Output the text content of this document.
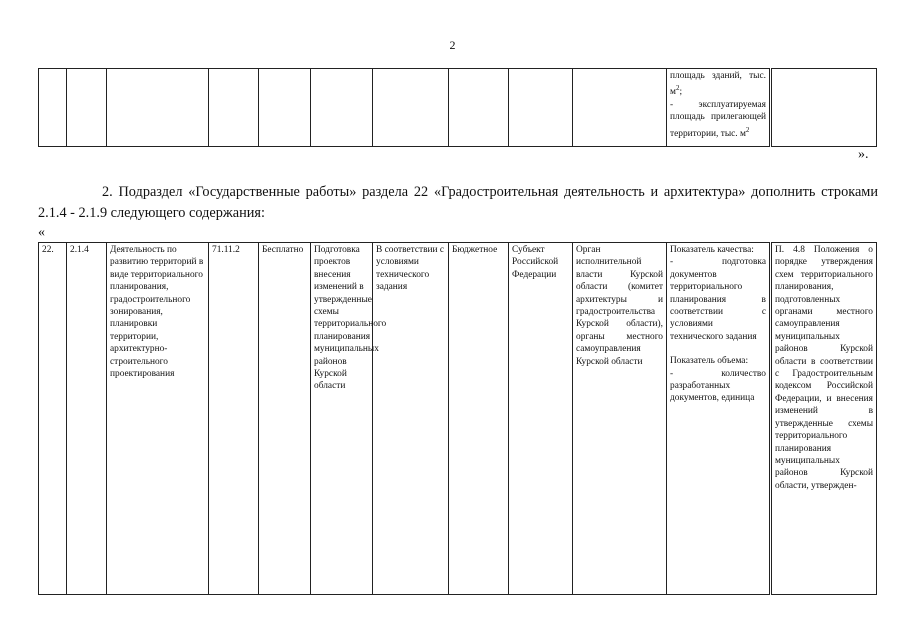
2
										площадь зданий, тыс. $м^2$;
- эксплуатируемая площадь прилегающей территории, тыс. $м^2$	
».
2. Подраздел «Государственные работы» раздела 22 «Градостроительная деятельность и архитектура» дополнить строками 2.1.4 - 2.1.9 следующего содержания:
«
22.	2.1.4	Деятельность по развитию территорий в виде территориального планирования, градостроительного зонирования, планировки территории, архитектурно-строительного проектирования	71.11.2	Бесплатно	Подготовка проектов внесения изменений в утвержденные схемы территориального планирования муниципальных районов Курской области	В соответствии с условиями технического задания	Бюджетное	Субъект Российской Федерации	Орган исполнительной власти Курской области (комитет архитектуры и градостроительства Курской области), органы местного самоуправления Курской области	
Показатель качества:
- подготовка документов территориального планирования в соответствии с условиями технического задания
Показатель объема:
- количество разработанных документов, единица
	П. 4.8 Положения о порядке утверждения схем территориального планирования, подготовленных органами местного самоуправления муниципальных районов Курской области в соответствии с Градостроительным кодексом Российской Федерации, и внесения изменений в утвержденные схемы территориального планирования муниципальных районов Курской области, утвержден-
